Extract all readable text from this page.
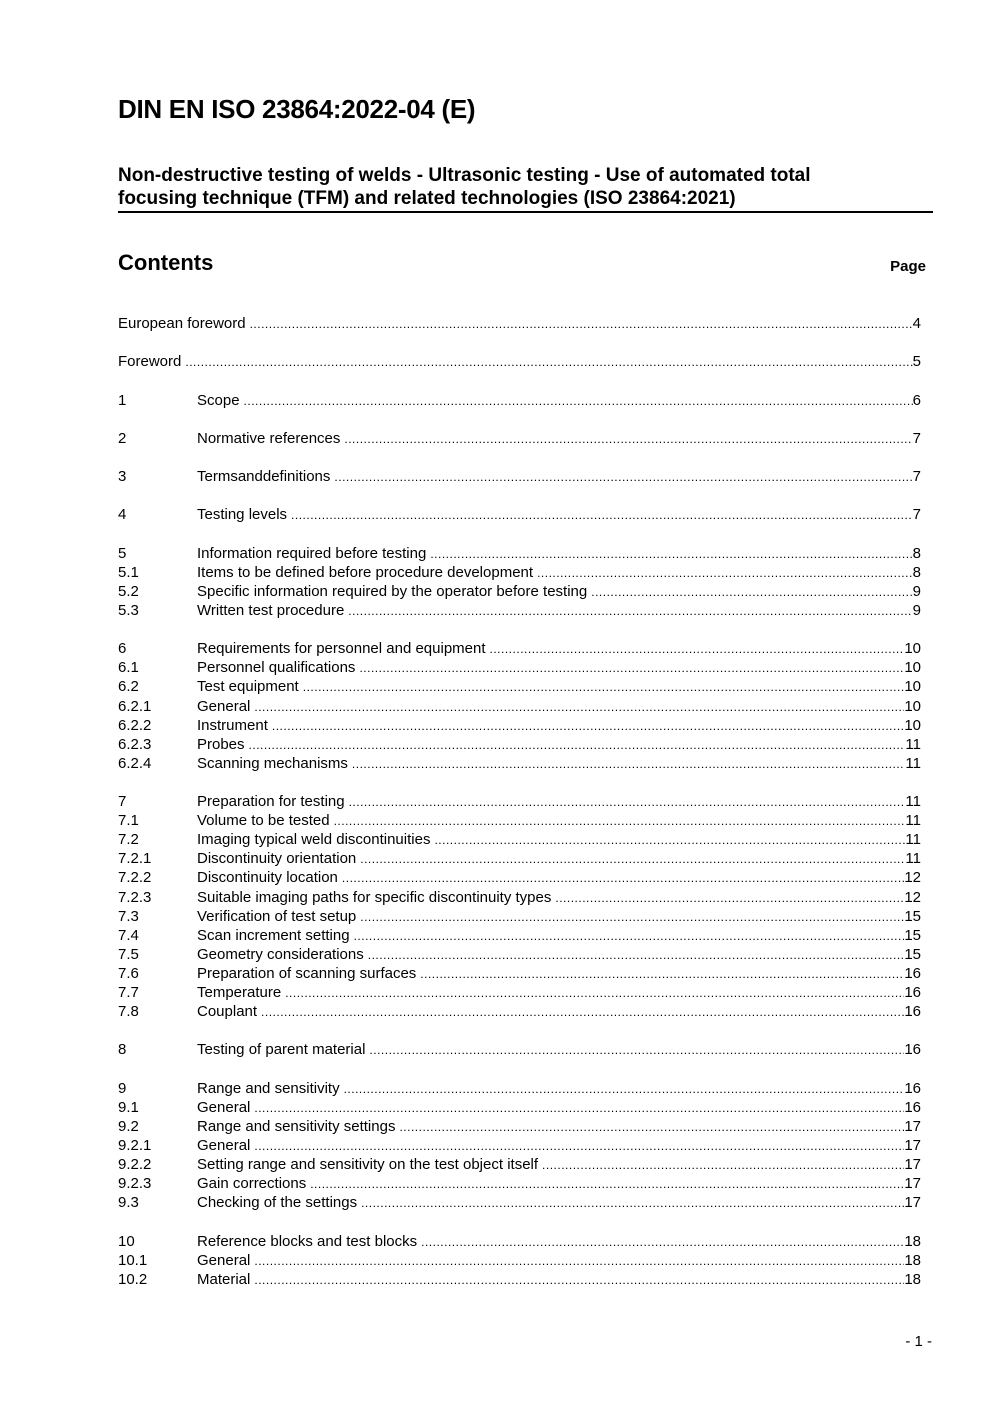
DIN EN ISO 23864:2022-04 (E)
Non-destructive testing of welds - Ultrasonic testing - Use of automated total
focusing technique (TFM) and related technologies (ISO 23864:2021)
Contents	Page
European foreword .....	4
Foreword .....	5
1	Scope .....	6
2	Normative references .....	7
3	Termsanddefinitions .....	7
4	Testing levels .....	7
5	Information required before testing .....	8
5.1	Items to be defined before procedure development .....	8
5.2	Specific information required by the operator before testing .....	9
5.3	Written test procedure .....	9
6	Requirements for personnel and equipment .....	10
6.1	Personnel qualifications .....	10
6.2	Test equipment .....	10
6.2.1	General .....	10
6.2.2	Instrument .....	10
6.2.3	Probes .....	11
6.2.4	Scanning mechanisms .....	11
7	Preparation for testing .....	11
7.1	Volume to be tested .....	11
7.2	Imaging typical weld discontinuities .....	11
7.2.1	Discontinuity orientation .....	11
7.2.2	Discontinuity location .....	12
7.2.3	Suitable imaging paths for specific discontinuity types .....	12
7.3	Verification of test setup .....	15
7.4	Scan increment setting .....	15
7.5	Geometry considerations .....	15
7.6	Preparation of scanning surfaces .....	16
7.7	Temperature .....	16
7.8	Couplant .....	16
8	Testing of parent material .....	16
9	Range and sensitivity .....	16
9.1	General .....	16
9.2	Range and sensitivity settings .....	17
9.2.1	General .....	17
9.2.2	Setting range and sensitivity on the test object itself .....	17
9.2.3	Gain corrections .....	17
9.3	Checking of the settings .....	17
10	Reference blocks and test blocks .....	18
10.1	General .....	18
10.2	Material .....	18
- 1 -
